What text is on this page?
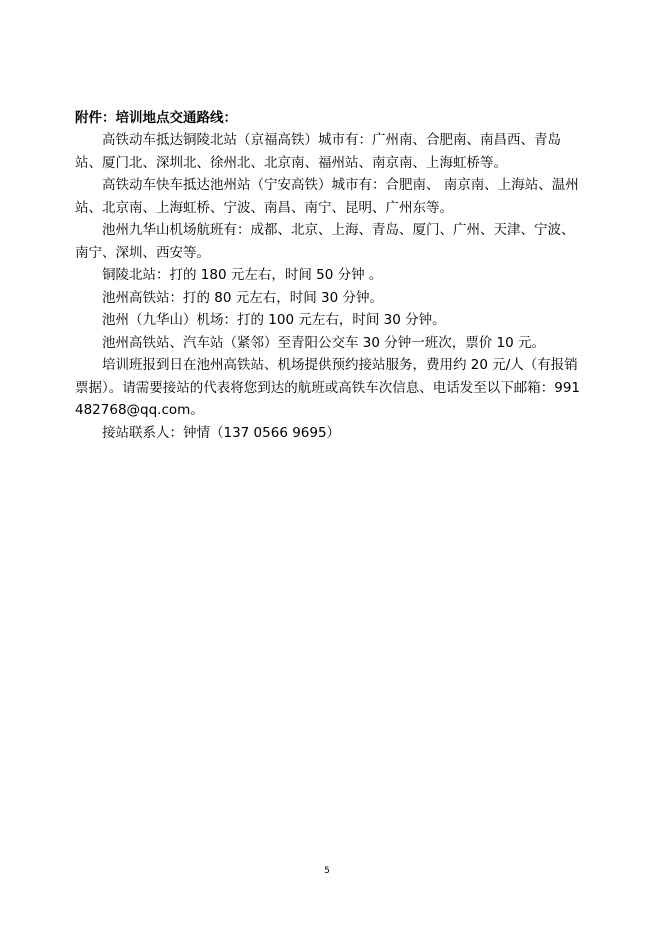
附件：培训地点交通路线：

高铁动车抵达铜陵北站（京福高铁）城市有：广州南、合肥南、南昌西、青岛站、厦门北、深圳北、徐州北、北京南、福州站、南京南、上海虹桥等。

高铁动车快车抵达池州站（宁安高铁）城市有：合肥南、 南京南、上海站、温州站、北京南、上海虹桥、宁波、南昌、南宁、昆明、广州东等。

池州九华山机场航班有：成都、北京、上海、青岛、厦门、广州、天津、宁波、南宁、深圳、西安等。

铜陵北站：打的 180 元左右，时间 50 分钟 。

池州高铁站：打的 80 元左右，时间 30 分钟。

池州（九华山）机场：打的 100 元左右，时间 30 分钟。

池州高铁站、汽车站（紧邻）至青阳公交车 30 分钟一班次，票价 10 元。

培训班报到日在池州高铁站、机场提供预约接站服务，费用约 20 元/人（有报销票据）。请需要接站的代表将您到达的航班或高铁车次信息、电话发至以下邮箱：991482768@qq.com。

接站联系人：钟情（137 0566 9695）

5
